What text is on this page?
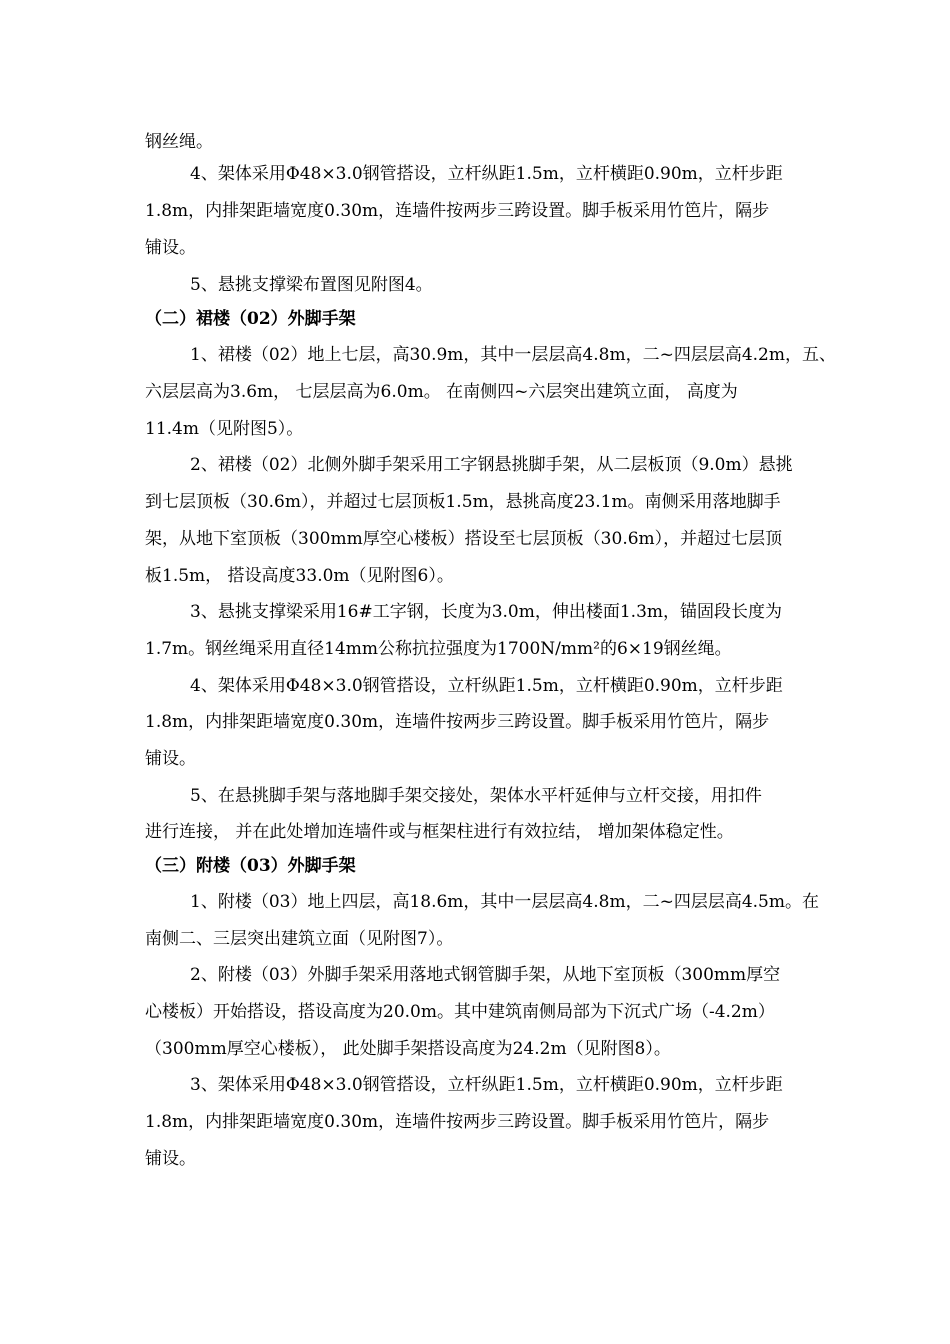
钢丝绳。
4、架体采用Φ48×3.0钢管搭设，立杆纵距1.5m，立杆横距0.90m，立杆步距
1.8m，内排架距墙宽度0.30m，连墙件按两步三跨设置。脚手板采用竹笆片，隔步
铺设。
5、悬挑支撑梁布置图见附图4。
（二）裙楼（02）外脚手架
1、裙楼（02）地上七层，高30.9m，其中一层层高4.8m，二~四层层高4.2m，五、
六层层高为3.6m， 七层层高为6.0m。 在南侧四~六层突出建筑立面， 高度为
11.4m（见附图5）。
2、裙楼（02）北侧外脚手架采用工字钢悬挑脚手架，从二层板顶（9.0m）悬挑
到七层顶板（30.6m），并超过七层顶板1.5m，悬挑高度23.1m。南侧采用落地脚手
架，从地下室顶板（300mm厚空心楼板）搭设至七层顶板（30.6m），并超过七层顶
板1.5m， 搭设高度33.0m（见附图6）。
3、悬挑支撑梁采用16#工字钢，长度为3.0m，伸出楼面1.3m，锚固段长度为
1.7m。钢丝绳采用直径14mm公称抗拉强度为1700N/mm²的6×19钢丝绳。
4、架体采用Φ48×3.0钢管搭设，立杆纵距1.5m，立杆横距0.90m，立杆步距
1.8m，内排架距墙宽度0.30m，连墙件按两步三跨设置。脚手板采用竹笆片，隔步
铺设。
5、在悬挑脚手架与落地脚手架交接处，架体水平杆延伸与立杆交接，用扣件
进行连接， 并在此处增加连墙件或与框架柱进行有效拉结， 增加架体稳定性。
（三）附楼（03）外脚手架
1、附楼（03）地上四层，高18.6m，其中一层层高4.8m，二~四层层高4.5m。在
南侧二、三层突出建筑立面（见附图7）。
2、附楼（03）外脚手架采用落地式钢管脚手架，从地下室顶板（300mm厚空
心楼板）开始搭设，搭设高度为20.0m。其中建筑南侧局部为下沉式广场（-4.2m）
（300mm厚空心楼板）， 此处脚手架搭设高度为24.2m（见附图8）。
3、架体采用Φ48×3.0钢管搭设，立杆纵距1.5m，立杆横距0.90m，立杆步距
1.8m，内排架距墙宽度0.30m，连墙件按两步三跨设置。脚手板采用竹笆片，隔步
铺设。
